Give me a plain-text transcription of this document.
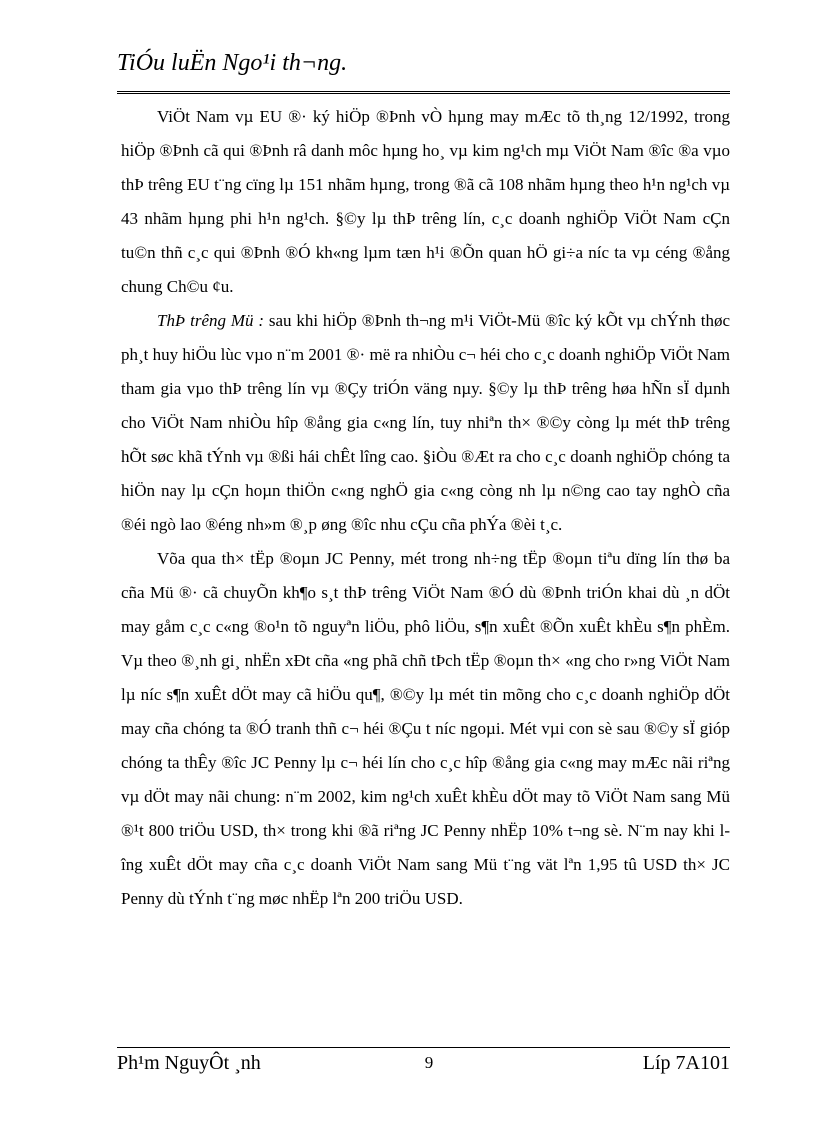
TiÓu luËn Ngo¹i th¬ng.

ViÖt Nam vµ EU ®· ký hiÖp ®Þnh vÒ hµng may mÆc tõ th¸ng 12/1992, trong hiÖp ®Þnh cã qui ®Þnh râ danh môc hµng ho¸ vµ kim ng¹ch mµ ViÖt Nam ®îc ®a vµo thÞ trêng EU t¨ng cïng lµ 151 nhãm hµng, trong ®ã cã 108 nhãm hµng theo h¹n ng¹ch vµ 43 nhãm hµng phi h¹n ng¹ch. §©y lµ thÞ trêng lín, c¸c doanh nghiÖp ViÖt Nam cÇn tu©n thñ c¸c qui ®Þnh ®Ó kh«ng lµm tæn h¹i ®Õn quan hÖ gi÷a níc ta vµ céng ®ång chung Ch©u ¢u.

ThÞ trêng Mü : sau khi hiÖp ®Þnh th¬ng m¹i ViÖt-Mü ®îc ký kÕt vµ chÝnh thøc ph¸t huy hiÖu lùc vµo n¨m 2001 ®· më ra nhiÒu c¬ héi cho c¸c doanh nghiÖp ViÖt Nam tham gia vµo thÞ trêng lín vµ ®Çy triÓn väng nµy. §©y lµ thÞ trêng høa hÑn sÏ dµnh cho ViÖt Nam nhiÒu hîp ®ång gia c«ng lín, tuy nhiªn th× ®©y còng lµ mét thÞ trêng hÕt søc khã tÝnh vµ ®ßi hái chÊt lîng cao. §iÒu ®Æt ra cho c¸c doanh nghiÖp chóng ta hiÖn nay lµ cÇn hoµn thiÖn c«ng nghÖ gia c«ng còng nh lµ n©ng cao tay nghÒ cña ®éi ngò lao ®éng nh»m ®¸p øng ®îc nhu cÇu cña phÝa ®èi t¸c.

Võa qua th× tËp ®oµn JC Penny, mét trong nh÷ng tËp ®oµn tiªu dïng lín thø ba cña Mü ®· cã chuyÕn kh¶o s¸t thÞ trêng ViÖt Nam ®Ó dù ®Þnh triÓn khai dù ¸n dÖt may gåm c¸c c«ng ®o¹n tõ nguyªn liÖu, phô liÖu, s¶n xuÊt ®Õn xuÊt khÈu s¶n phÈm. Vµ theo ®¸nh gi¸ nhËn xÐt cña «ng phã chñ tÞch tËp ®oµn th× «ng cho r»ng ViÖt Nam lµ níc s¶n xuÊt dÖt may cã hiÖu qu¶, ®©y lµ mét tin mõng cho c¸c doanh nghiÖp dÖt may cña chóng ta ®Ó tranh thñ c¬ héi ®Çu t níc ngoµi. Mét vµi con sè sau ®©y sÏ gióp chóng ta thÊy ®îc JC Penny lµ c¬ héi lín cho c¸c hîp ®ång gia c«ng may mÆc nãi riªng vµ dÖt may nãi chung: n¨m 2002, kim ng¹ch xuÊt khÈu dÖt may tõ ViÖt Nam sang Mü ®¹t 800 triÖu USD, th× trong khi ®ã riªng JC Penny nhËp 10% t¬ng sè. N¨m nay khi lîng xuÊt dÖt may cña c¸c doanh ViÖt Nam sang Mü t¨ng vät lªn 1,95 tû USD th× JC Penny dù tÝnh t¨ng møc nhËp lªn 200 triÖu USD.

Ph¹m NguyÔt ¸nh	9	Líp 7A101
